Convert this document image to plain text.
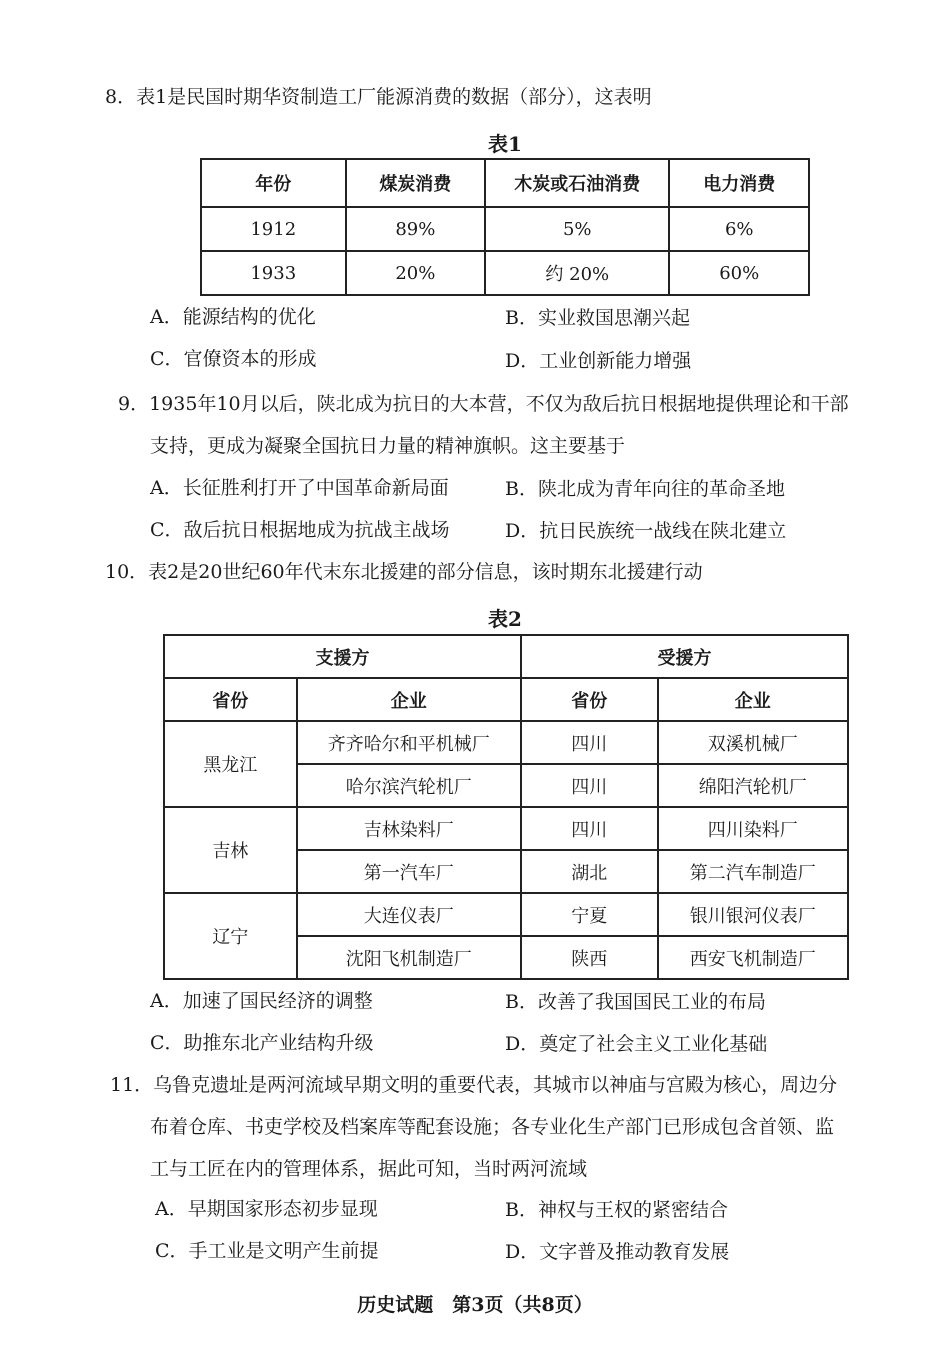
8．表1是民国时期华资制造工厂能源消费的数据（部分），这表明
表1
年份	煤炭消费	木炭或石油消费	电力消费
1912	89%	5%	6%
1933	20%	约 20%	60%
A．能源结构的优化	B．实业救国思潮兴起
C．官僚资本的形成	D．工业创新能力增强
9．1935年10月以后，陕北成为抗日的大本营，不仅为敌后抗日根据地提供理论和干部
支持，更成为凝聚全国抗日力量的精神旗帜。这主要基于
A．长征胜利打开了中国革命新局面	B．陕北成为青年向往的革命圣地
C．敌后抗日根据地成为抗战主战场	D．抗日民族统一战线在陕北建立
10．表2是20世纪60年代末东北援建的部分信息，该时期东北援建行动
表2
支援方		受援方	
省份	企业	省份	企业
黑龙江	齐齐哈尔和平机械厂	四川	双溪机械厂
	哈尔滨汽轮机厂	四川	绵阳汽轮机厂
吉林	吉林染料厂	四川	四川染料厂
	第一汽车厂	湖北	第二汽车制造厂
辽宁	大连仪表厂	宁夏	银川银河仪表厂
	沈阳飞机制造厂	陕西	西安飞机制造厂
A．加速了国民经济的调整	B．改善了我国国民工业的布局
C．助推东北产业结构升级	D．奠定了社会主义工业化基础
11．乌鲁克遗址是两河流域早期文明的重要代表，其城市以神庙与宫殿为核心，周边分
布着仓库、书吏学校及档案库等配套设施；各专业化生产部门已形成包含首领、监
工与工匠在内的管理体系，据此可知，当时两河流域
A．早期国家形态初步显现	B．神权与王权的紧密结合
C．手工业是文明产生前提	D．文字普及推动教育发展
历史试题　第3页（共8页）
